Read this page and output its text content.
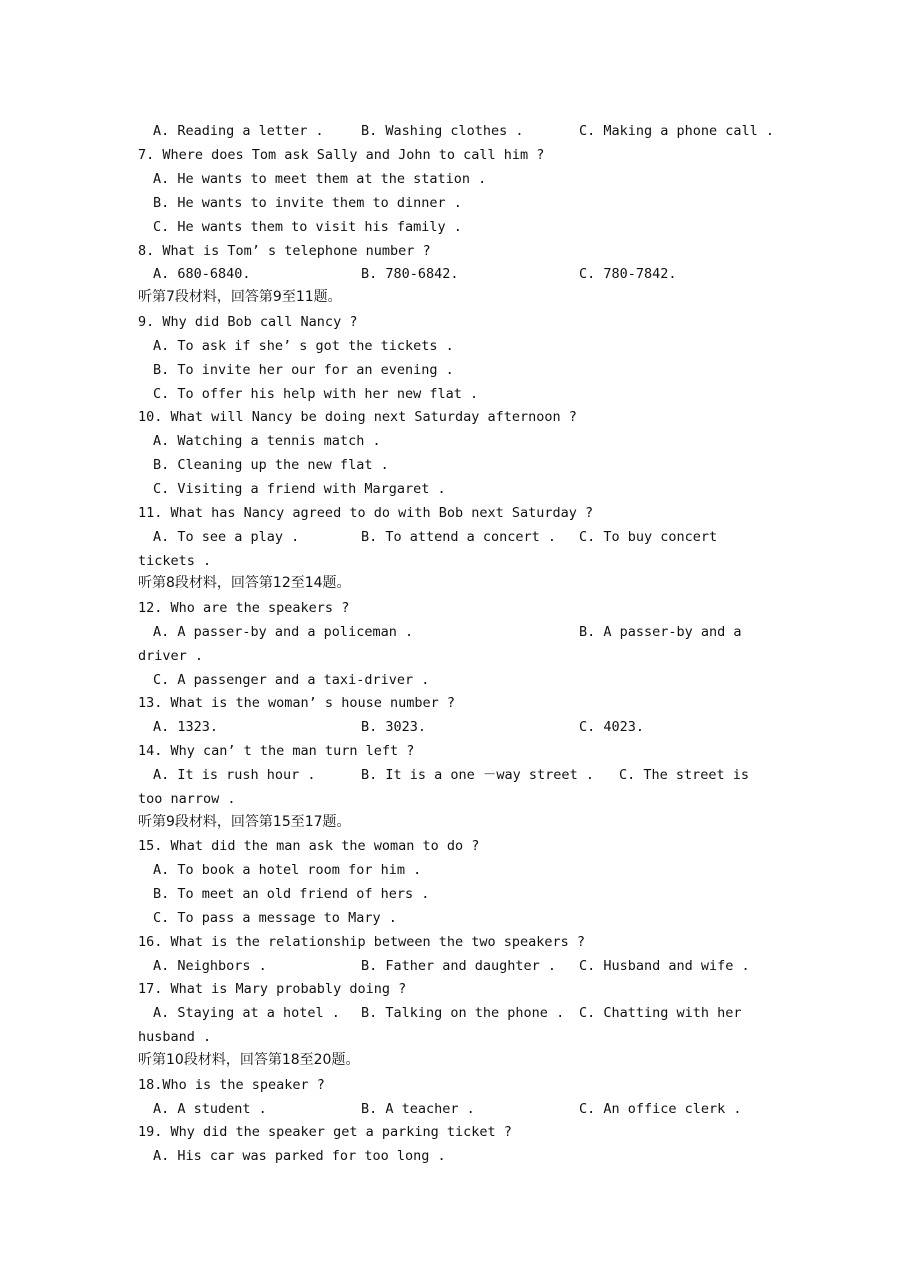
A. Reading a letter .

	B. Washing clothes .

	C. Making a phone call .

7. Where does Tom ask Sally and John to call him ?
A. He wants to meet them at the station .
B. He wants to invite them to dinner .
C. He wants them to visit his family .
8. What is Tom’ s telephone number ?

A. 680-6840.

	B. 780-6842.

	C. 780-7842.

听第7段材料，回答第9至11题。
9. Why did Bob call Nancy ?
A. To ask if she’ s got the tickets .
B. To invite her our for an evening .
C. To offer his help with her new flat .
10. What will Nancy be doing next Saturday afternoon ?
A. Watching a tennis match .
B. Cleaning up the new flat .
C. Visiting a friend with Margaret .
11. What has Nancy agreed to do with Bob next Saturday ?

A. To see a play .

	B. To attend a concert .

C. To buy concert

tickets .
听第8段材料，回答第12至14题。
12. Who are the speakers ?

A. A passer-by and a policeman .

	B. A passer-by and a

driver .
C. A passenger and a taxi-driver .
13. What is the woman’ s house number ?

A. 1323.

	B. 3023.

	C. 4023.

14. Why can’ t the man turn left ?

A. It is rush hour .

	B. It is a one －way street .

C. The street is

too narrow .
听第9段材料，回答第15至17题。
15. What did the man ask the woman to do ?
A. To book a hotel room for him .
B. To meet an old friend of hers .
C. To pass a message to Mary .
16. What is the relationship between the two speakers ?

A. Neighbors .

	B. Father and daughter .

C. Husband and wife .

17. What is Mary probably doing ?

A. Staying at a hotel .

B. Talking on the phone .

C. Chatting with her

husband .
听第10段材料，回答第18至20题。
18.Who is the speaker ?

A. A student .

	B. A teacher .

	C. An office clerk .

19. Why did the speaker get a parking ticket ?
A. His car was parked for too long .
